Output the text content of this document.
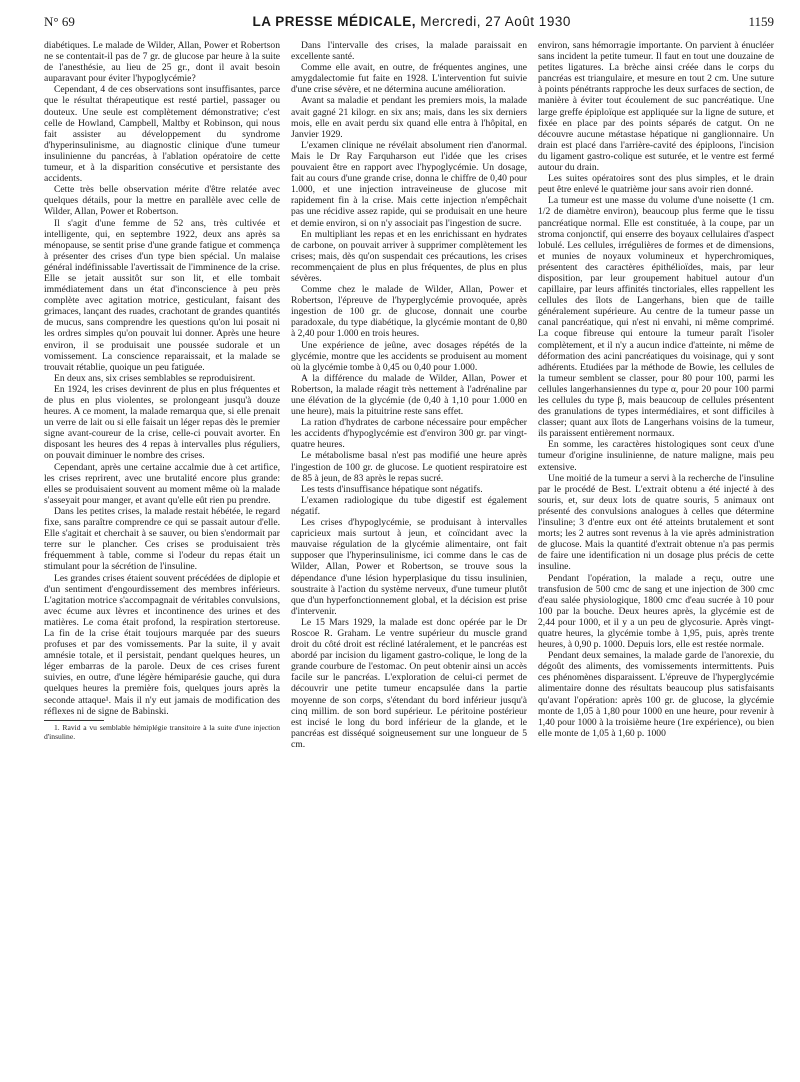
N° 69	LA PRESSE MÉDICALE, Mercredi, 27 Août 1930	1159

diabétiques. Le malade de Wilder, Allan, Power et Robertson ne se contentait-il pas de 7 gr. de glucose par heure à la suite de l'anesthésie, au lieu de 25 gr., dont il avait besoin auparavant pour éviter l'hypoglycémie?

Cependant, 4 de ces observations sont insuffisantes, parce que le résultat thérapeutique est resté partiel, passager ou douteux. Une seule est complètement démonstrative; c'est celle de Howland, Campbell, Maltby et Robinson, qui nous fait assister au développement du syndrome d'hyperinsulinisme, au diagnostic clinique d'une tumeur insulinienne du pancréas, à l'ablation opératoire de cette tumeur, et à la disparition consécutive et persistante des accidents.

Cette très belle observation mérite d'être relatée avec quelques détails, pour la mettre en parallèle avec celle de Wilder, Allan, Power et Robertson.

Il s'agit d'une femme de 52 ans, très cultivée et intelligente, qui, en septembre 1922, deux ans après sa ménopause, se sentit prise d'une grande fatigue et commença à présenter des crises d'un type bien spécial. Un malaise général indéfinissable l'avertissait de l'imminence de la crise. Elle se jetait aussitôt sur son lit, et elle tombait immédiatement dans un état d'inconscience à peu près complète avec agitation motrice, gesticulant, faisant des grimaces, lançant des ruades, crachotant de grandes quantités de mucus, sans comprendre les questions qu'on lui posait ni les ordres simples qu'on pouvait lui donner. Après une heure environ, il se produisait une poussée sudorale et un vomissement. La conscience reparaissait, et la malade se trouvait rétablie, quoique un peu fatiguée.

En deux ans, six crises semblables se reproduisirent.

En 1924, les crises devinrent de plus en plus fréquentes et de plus en plus violentes, se prolongeant jusqu'à douze heures. A ce moment, la malade remarqua que, si elle prenait un verre de lait ou si elle faisait un léger repas dès le premier signe avant-coureur de la crise, celle-ci pouvait avorter. En disposant les heures des 4 repas à intervalles plus réguliers, on pouvait diminuer le nombre des crises.

Cependant, après une certaine accalmie due à cet artifice, les crises reprirent, avec une brutalité encore plus grande: elles se produisaient souvent au moment même où la malade s'asseyait pour manger, et avant qu'elle eût rien pu prendre.

Dans les petites crises, la malade restait hébétée, le regard fixe, sans paraître comprendre ce qui se passait autour d'elle. Elle s'agitait et cherchait à se sauver, ou bien s'endormait par terre sur le plancher. Ces crises se produisaient très fréquemment à table, comme si l'odeur du repas était un stimulant pour la sécrétion de l'insuline.

Les grandes crises étaient souvent précédées de diplopie et d'un sentiment d'engourdissement des membres inférieurs. L'agitation motrice s'accompagnait de véritables convulsions, avec écume aux lèvres et incontinence des urines et des matières. Le coma était profond, la respiration stertoreuse. La fin de la crise était toujours marquée par des sueurs profuses et par des vomissements. Par la suite, il y avait amnésie totale, et il persistait, pendant quelques heures, un léger embarras de la parole. Deux de ces crises furent suivies, en outre, d'une légère hémiparésie gauche, qui dura quelques heures la première fois, quelques jours après la seconde attaque¹. Mais il n'y eut jamais de modification des réflexes ni de signe de Babinski.

1. Ravid a vu semblable hémiplégie transitoire à la suite d'une injection d'insuline.

Dans l'intervalle des crises, la malade paraissait en excellente santé.

Comme elle avait, en outre, de fréquentes angines, une amygdalectomie fut faite en 1928. L'intervention fut suivie d'une crise sévère, et ne détermina aucune amélioration.

Avant sa maladie et pendant les premiers mois, la malade avait gagné 21 kilogr. en six ans; mais, dans les six derniers mois, elle en avait perdu six quand elle entra à l'hôpital, en Janvier 1929.

L'examen clinique ne révélait absolument rien d'anormal. Mais le Dr Ray Farquharson eut l'idée que les crises pouvaient être en rapport avec l'hypoglycémie. Un dosage, fait au cours d'une grande crise, donna le chiffre de 0,40 pour 1.000, et une injection intraveineuse de glucose mit rapidement fin à la crise. Mais cette injection n'empêchait pas une récidive assez rapide, qui se produisait en une heure et demie environ, si on n'y associait pas l'ingestion de sucre.

En multipliant les repas et en les enrichissant en hydrates de carbone, on pouvait arriver à supprimer complètement les crises; mais, dès qu'on suspendait ces précautions, les crises recommençaient de plus en plus fréquentes, de plus en plus sévères.

Comme chez le malade de Wilder, Allan, Power et Robertson, l'épreuve de l'hyperglycémie provoquée, après ingestion de 100 gr. de glucose, donnait une courbe paradoxale, du type diabétique, la glycémie montant de 0,80 à 2,40 pour 1.000 en trois heures.

Une expérience de jeûne, avec dosages répétés de la glycémie, montre que les accidents se produisent au moment où la glycémie tombe à 0,45 ou 0,40 pour 1.000.

A la différence du malade de Wilder, Allan, Power et Robertson, la malade réagit très nettement à l'adrénaline par une élévation de la glycémie (de 0,40 à 1,10 pour 1.000 en une heure), mais la pituitrine reste sans effet.

La ration d'hydrates de carbone nécessaire pour empêcher les accidents d'hypoglycémie est d'environ 300 gr. par vingt-quatre heures.

Le métabolisme basal n'est pas modifié une heure après l'ingestion de 100 gr. de glucose. Le quotient respiratoire est de 85 à jeun, de 83 après le repas sucré.

Les tests d'insuffisance hépatique sont négatifs.

L'examen radiologique du tube digestif est également négatif.

Les crises d'hypoglycémie, se produisant à intervalles capricieux mais surtout à jeun, et coïncidant avec la mauvaise régulation de la glycémie alimentaire, ont fait supposer que l'hyperinsulinisme, ici comme dans le cas de Wilder, Allan, Power et Robertson, se trouve sous la dépendance d'une lésion hyperplasique du tissu insulinien, soustraite à l'action du système nerveux, d'une tumeur plutôt que d'un hyperfonctionnement global, et la décision est prise d'intervenir.

Le 15 Mars 1929, la malade est donc opérée par le Dr Roscoe R. Graham. Le ventre supérieur du muscle grand droit du côté droit est récliné latéralement, et le pancréas est abordé par incision du ligament gastro-colique, le long de la grande courbure de l'estomac. On peut obtenir ainsi un accès facile sur le pancréas. L'exploration de celui-ci permet de découvrir une petite tumeur encapsulée dans la partie moyenne de son corps, s'étendant du bord inférieur jusqu'à cinq millim. de son bord supérieur. Le péritoine postérieur est incisé le long du bord inférieur de la glande, et le pancréas est disséqué soigneusement sur une longueur de 5 cm.

environ, sans hémorragie importante. On parvient à énucléer sans incident la petite tumeur. Il faut en tout une douzaine de petites ligatures. La brèche ainsi créée dans le corps du pancréas est triangulaire, et mesure en tout 2 cm. Une suture à points pénétrants rapproche les deux surfaces de section, de manière à éviter tout écoulement de suc pancréatique. Une large greffe épiploïque est appliquée sur la ligne de suture, et fixée en place par des points séparés de catgut. On ne découvre aucune métastase hépatique ni ganglionnaire. Un drain est placé dans l'arrière-cavité des épiploons, l'incision du ligament gastro-colique est suturée, et le ventre est fermé autour du drain.

Les suites opératoires sont des plus simples, et le drain peut être enlevé le quatrième jour sans avoir rien donné.

La tumeur est une masse du volume d'une noisette (1 cm. 1/2 de diamètre environ), beaucoup plus ferme que le tissu pancréatique normal. Elle est constituée, à la coupe, par un stroma conjonctif, qui enserre des boyaux cellulaires d'aspect lobulé. Les cellules, irrégulières de formes et de dimensions, et munies de noyaux volumineux et hyperchromiques, présentent des caractères épithélioïdes, mais, par leur disposition, par leur groupement habituel autour d'un capillaire, par leurs affinités tinctoriales, elles rappellent les cellules des îlots de Langerhans, bien que de taille généralement supérieure. Au centre de la tumeur passe un canal pancréatique, qui n'est ni envahi, ni même comprimé. La coque fibreuse qui entoure la tumeur paraît l'isoler complètement, et il n'y a aucun indice d'atteinte, ni même de déformation des acini pancréatiques du voisinage, qui y sont adhérents. Etudiées par la méthode de Bowie, les cellules de la tumeur semblent se classer, pour 80 pour 100, parmi les cellules langerhansiennes du type α, pour 20 pour 100 parmi les cellules du type β, mais beaucoup de cellules présentent des granulations de types intermédiaires, et sont difficiles à classer; quant aux îlots de Langerhans voisins de la tumeur, ils paraissent entièrement normaux.

En somme, les caractères histologiques sont ceux d'une tumeur d'origine insulinienne, de nature maligne, mais peu extensive.

Une moitié de la tumeur a servi à la recherche de l'insuline par le procédé de Best. L'extrait obtenu a été injecté à des souris, et, sur deux lots de quatre souris, 5 animaux ont présenté des convulsions analogues à celles que détermine l'insuline; 3 d'entre eux ont été atteints brutalement et sont morts; les 2 autres sont revenus à la vie après administration de glucose. Mais la quantité d'extrait obtenue n'a pas permis de faire une identification ni un dosage plus précis de cette insuline.

Pendant l'opération, la malade a reçu, outre une transfusion de 500 cmc de sang et une injection de 300 cmc d'eau salée physiologique, 1800 cmc d'eau sucrée à 10 pour 100 par la bouche. Deux heures après, la glycémie est de 2,44 pour 1000, et il y a un peu de glycosurie. Après vingt-quatre heures, la glycémie tombe à 1,95, puis, après trente heures, à 0,90 p. 1000. Depuis lors, elle est restée normale.

Pendant deux semaines, la malade garde de l'anorexie, du dégoût des aliments, des vomissements intermittents. Puis ces phénomènes disparaissent. L'épreuve de l'hyperglycémie alimentaire donne des résultats beaucoup plus satisfaisants qu'avant l'opération: après 100 gr. de glucose, la glycémie monte de 1,05 à 1,80 pour 1000 en une heure, pour revenir à 1,40 pour 1000 à la troisième heure (1re expérience), ou bien elle monte de 1,05 à 1,60 p. 1000
